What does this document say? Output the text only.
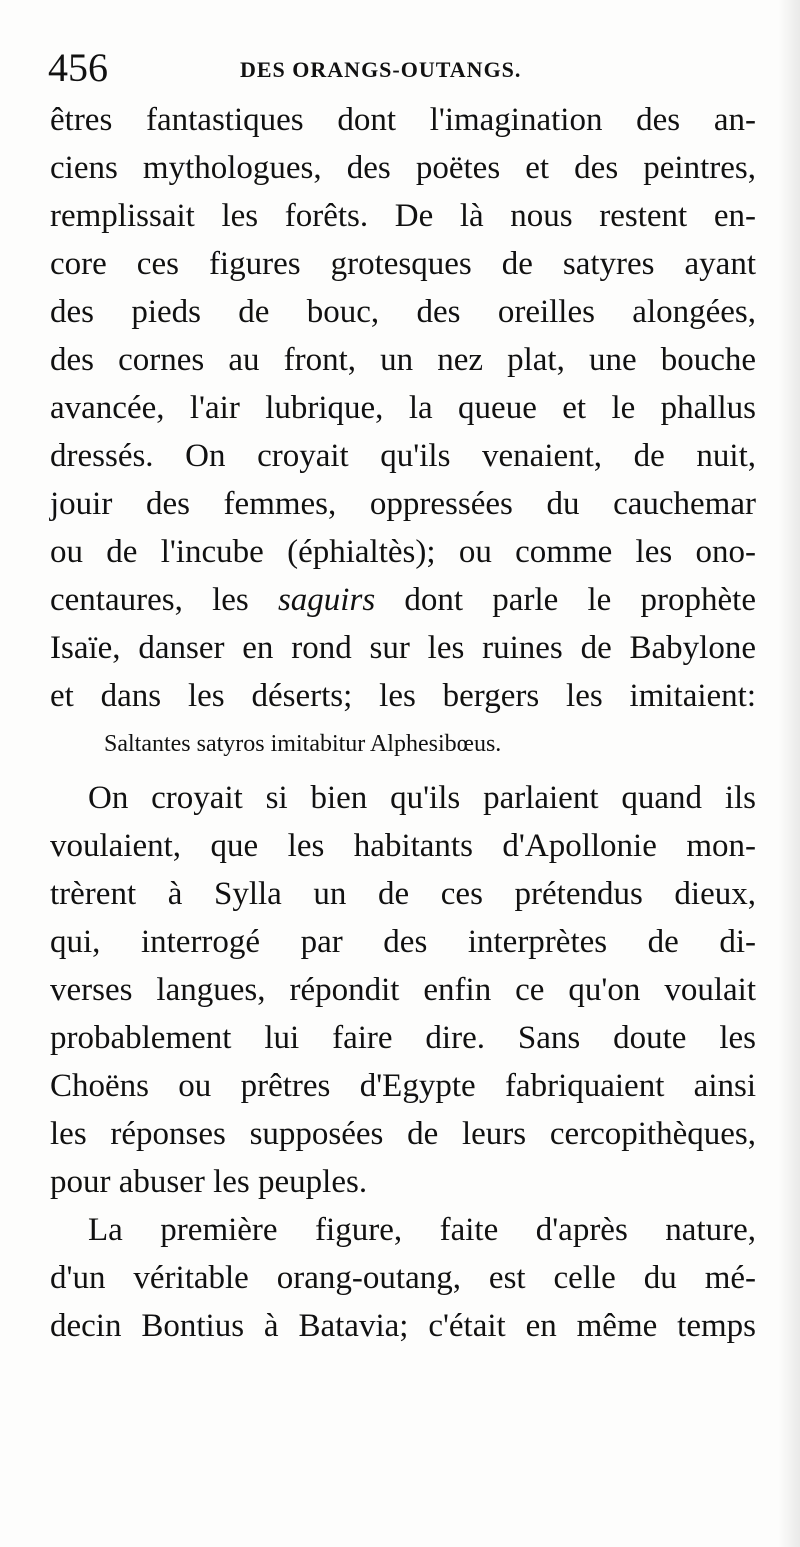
456	DES ORANGS-OUTANGS.
êtres fantastiques dont l'imagination des an-
ciens mythologues, des poëtes et des peintres,
remplissait les forêts. De là nous restent en-
core ces figures grotesques de satyres ayant
des pieds de bouc, des oreilles alongées,
des cornes au front, un nez plat, une bouche
avancée, l'air lubrique, la queue et le phallus
dressés. On croyait qu'ils venaient, de nuit,
jouir des femmes, oppressées du cauchemar
ou de l'incube (éphialtès); ou comme les ono-
centaures, les saguirs dont parle le prophète
Isaïe, danser en rond sur les ruines de Babylone
et dans les déserts; les bergers les imitaient:
Saltantes satyros imitabitur Alphesibœus.
On croyait si bien qu'ils parlaient quand ils
voulaient, que les habitants d'Apollonie mon-
trèrent à Sylla un de ces prétendus dieux,
qui, interrogé par des interprètes de di-
verses langues, répondit enfin ce qu'on voulait
probablement lui faire dire. Sans doute les
Choëns ou prêtres d'Egypte fabriquaient ainsi
les réponses supposées de leurs cercopithèques,
pour abuser les peuples.
La première figure, faite d'après nature,
d'un véritable orang-outang, est celle du mé-
decin Bontius à Batavia; c'était en même temps
